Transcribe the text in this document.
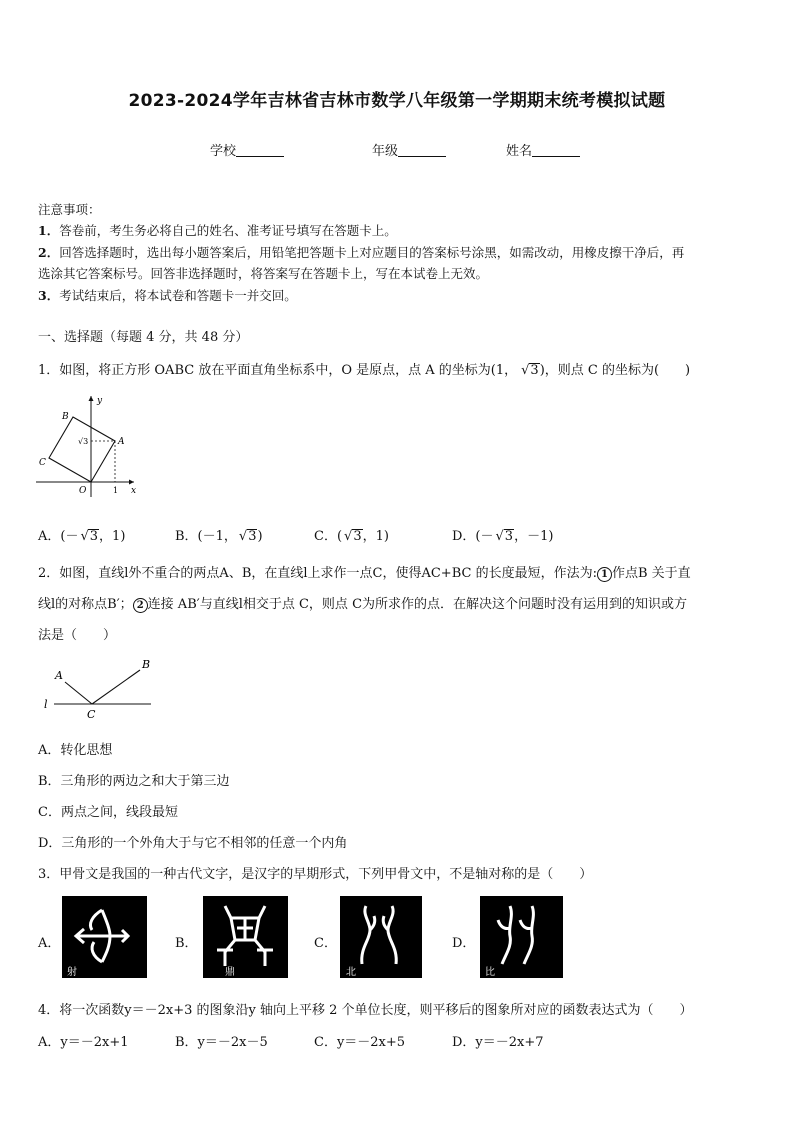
2023-2024学年吉林省吉林市数学八年级第一学期期末统考模拟试题
学校	年级	姓名
注意事项：
1．答卷前，考生务必将自己的姓名、准考证号填写在答题卡上。
2．回答选择题时，选出每小题答案后，用铅笔把答题卡上对应题目的答案标号涂黑，如需改动，用橡皮擦干净后，再
选涂其它答案标号。回答非选择题时，将答案写在答题卡上，写在本试卷上无效。
3．考试结束后，将本试卷和答题卡一并交回。
一、选择题（每题 4 分，共 48 分）
1．如图，将正方形 OABC 放在平面直角坐标系中，O 是原点，点 A 的坐标为(1， √ 3)，则点 C 的坐标为(　　)
B
A
C
O	x
y
1
√3
A．(－ √ 3，1)	B．(－1， √ 3)	C．( √ 3，1)	D．(－ √ 3，－1)
2．如图，直线l外不重合的两点A、B，在直线l上求作一点C，使得AC+BC 的长度最短，作法为: 1 作点B 关于直
线l的对称点B′； 2 连接 AB′与直线l相交于点 C，则点 C为所求作的点．在解决这个问题时没有运用到的知识或方
法是（　　）
A
B
C
l
A．转化思想
B．三角形的两边之和大于第三边
C．两点之间，线段最短
D．三角形的一个外角大于与它不相邻的任意一个内角
3．甲骨文是我国的一种古代文字，是汉字的早期形式，下列甲骨文中，不是轴对称的是（　　）
A．
射
B．
鼎
C．
北
D．
比
4．将一次函数y＝－2x+3 的图象沿y 轴向上平移 2 个单位长度，则平移后的图象所对应的函数表达式为（　　）
A．y＝－2x+1	B．y＝－2x－5	C．y＝－2x+5	D．y＝－2x+7
